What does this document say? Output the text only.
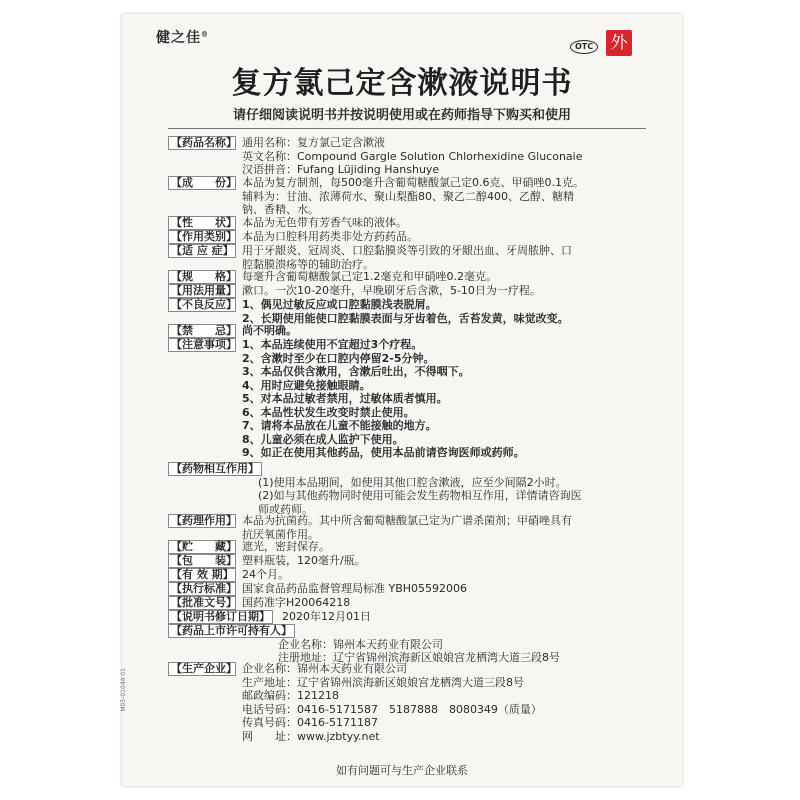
健之佳®
OTC 外
复方氯己定含漱液说明书
请仔细阅读说明书并按说明使用或在药师指导下购买和使用
【药品名称】 通用名称：复方氯己定含漱液
英文名称：Compound Gargle Solution Chlorhexidine Gluconaie
汉语拼音：Fufang Lüjiding Hanshuye
【成　　份】 本品为复方制剂，每500毫升含葡萄糖酸氯己定0.6克、甲硝唑0.1克。
辅料为：甘油、浓薄荷水、聚山梨酯80、聚乙二醇400、乙醇、糖精
钠、香精、水。
【性　　状】 本品为无色带有芳香气味的液体。
【作用类别】 本品为口腔科用药类非处方药药品。
【适 应 症】 用于牙龈炎、冠周炎、口腔黏膜炎等引致的牙龈出血、牙周脓肿、口
腔黏膜溃疡等的辅助治疗。
【规　　格】 每毫升含葡萄糖酸氯己定1.2毫克和甲硝唑0.2毫克。
【用法用量】 漱口。一次10-20毫升，早晚刷牙后含漱，5-10日为一疗程。
【不良反应】 1、偶见过敏反应或口腔黏膜浅表脱屑。
2、长期使用能使口腔黏膜表面与牙齿着色，舌苔发黄，味觉改变。
【禁　　忌】 尚不明确。
【注意事项】 1、本品连续使用不宜超过3个疗程。
2、含漱时至少在口腔内停留2-5分钟。
3、本品仅供含漱用，含漱后吐出，不得咽下。
4、用时应避免接触眼睛。
5、对本品过敏者禁用，过敏体质者慎用。
6、本品性状发生改变时禁止使用。
7、请将本品放在儿童不能接触的地方。
8、儿童必须在成人监护下使用。
9、如正在使用其他药品，使用本品前请咨询医师或药师。
【药物相互作用】
(1)使用本品期间，如使用其他口腔含漱液，应至少间隔2小时。
(2)如与其他药物同时使用可能会发生药物相互作用，详情请咨询医
师或药师。
【药理作用】 本品为抗菌药。其中所含葡萄糖酸氯己定为广谱杀菌剂；甲硝唑具有
抗厌氧菌作用。
【贮　　藏】 遮光，密封保存。
【包　　装】 塑料瓶装，120毫升/瓶。
【有 效 期】 24个月。
【执行标准】 国家食品药品监督管理局标准 YBH05592006
【批准文号】 国药准字H20064218
【说明书修订日期】 2020年12月01日
【药品上市许可持有人】
企业名称：锦州本天药业有限公司
注册地址：辽宁省锦州滨海新区娘娘宫龙栖湾大道三段8号
【生产企业】 企业名称：锦州本天药业有限公司
生产地址：辽宁省锦州滨海新区娘娘宫龙栖湾大道三段8号
邮政编码：121218
电话号码：0416-5171587　5187888　8080349（质量）
传真号码：0416-5171187
网　　址：www.jzbtyy.net
如有问题可与生产企业联系
M05-01044 01
